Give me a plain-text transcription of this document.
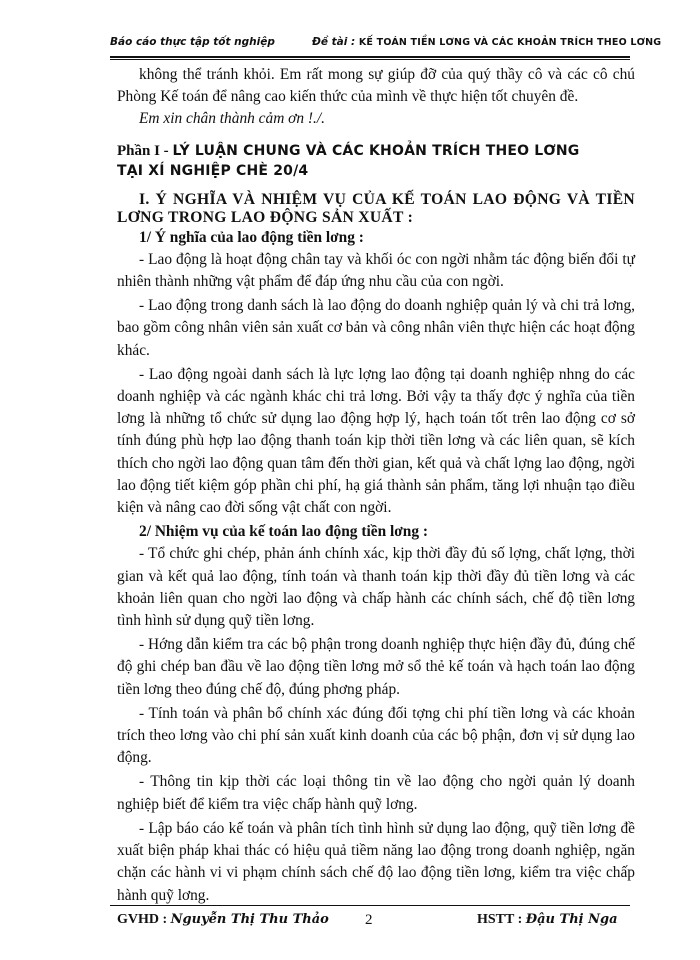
Báo cáo thực tập tốt nghiệp	Đề tài : KẾ TOÁN TIỀN LƠNG VÀ CÁC KHOẢN TRÍCH THEO LƠNG

không thể tránh khỏi. Em rất mong sự giúp đỡ của quý thầy cô và các cô chú Phòng Kế toán để nâng cao kiến thức của mình về thực hiện tốt chuyên đề.

Em xin chân thành cảm ơn !./.

Phần I - LÝ LUẬN CHUNG VÀ CÁC KHOẢN TRÍCH THEO LƠNG
TẠI XÍ NGHIỆP CHÈ 20/4

I. Ý NGHĨA VÀ NHIỆM VỤ CỦA KẾ TOÁN LAO ĐỘNG VÀ TIỀN LƠNG TRONG LAO ĐỘNG SẢN XUẤT :

1/ Ý nghĩa của lao động tiền lơng :

- Lao động là hoạt động chân tay và khối óc con ngời nhằm tác động biến đổi tự nhiên thành những vật phẩm để đáp ứng nhu cầu của con ngời.

- Lao động trong danh sách là lao động do doanh nghiệp quản lý và chi trả lơng, bao gồm công nhân viên sản xuất cơ bản và công nhân viên thực hiện các hoạt động khác.

- Lao động ngoài danh sách là lực lợng lao động tại doanh nghiệp nhng do các doanh nghiệp và các ngành khác chi trả lơng. Bởi vậy ta thấy đợc ý nghĩa của tiền lơng là những tổ chức sử dụng lao động hợp lý, hạch toán tốt trên lao động cơ sở tính đúng phù hợp lao động thanh toán kịp thời tiền lơng và các liên quan, sẽ kích thích cho ngời lao động quan tâm đến thời gian, kết quả và chất lợng lao động, ngời lao động tiết kiệm góp phần chi phí, hạ giá thành sản phẩm, tăng lợi nhuận tạo điều kiện và nâng cao đời sống vật chất con ngời.

2/ Nhiệm vụ của kế toán lao động tiền lơng :

- Tổ chức ghi chép, phản ánh chính xác, kịp thời đầy đủ số lợng, chất lợng, thời gian và kết quả lao động, tính toán và thanh toán kịp thời đầy đủ tiền lơng và các khoản liên quan cho ngời lao động và chấp hành các chính sách, chế độ tiền lơng tình hình sử dụng quỹ tiền lơng.

- Hớng dẫn kiểm tra các bộ phận trong doanh nghiệp thực hiện đầy đủ, đúng chế độ ghi chép ban đầu về lao động tiền lơng mở sổ thẻ kế toán và hạch toán lao động tiền lơng theo đúng chế độ, đúng phơng pháp.

- Tính toán và phân bổ chính xác đúng đối tợng chi phí tiền lơng và các khoản trích theo lơng vào chi phí sản xuất kinh doanh của các bộ phận, đơn vị sử dụng lao động.

- Thông tin kịp thời các loại thông tin về lao động cho ngời quản lý doanh nghiệp biết để kiểm tra việc chấp hành quỹ lơng.

- Lập báo cáo kế toán và phân tích tình hình sử dụng lao động, quỹ tiền lơng đề xuất biện pháp khai thác có hiệu quả tiềm năng lao động trong doanh nghiệp, ngăn chặn các hành vi vi phạm chính sách chế độ lao động tiền lơng, kiểm tra việc chấp hành quỹ lơng.

GVHD : Nguyễn Thị Thu Thảo 2	HSTT : Đậu Thị Nga
